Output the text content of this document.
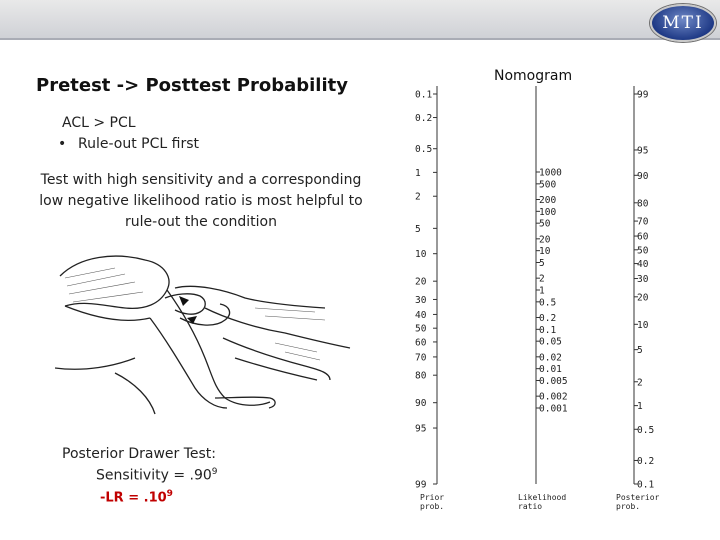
MTI
Pretest -> Posttest Probability
ACL > PCL
• Rule-out PCL first
Test with high sensitivity and a corresponding low negative likelihood ratio is most helpful to rule-out the condition
Posterior Drawer Test:
Sensitivity = $.90^9$
$-LR = .10^9$
Nomogram
0.1
0.2
0.5
1
2
5
10
20
30
40
50
60
70
80
90
95
99
1000
500
200
100
50
20
10
5
2
1
0.5
0.2
0.1
0.05
0.02
0.01
0.005
0.002
0.001
99
95
90
80
70
60
50
40
30
20
10
5
2
1
0.5
0.2
0.1
Prior
prob.
Likelihood
ratio
Posterior
prob.
